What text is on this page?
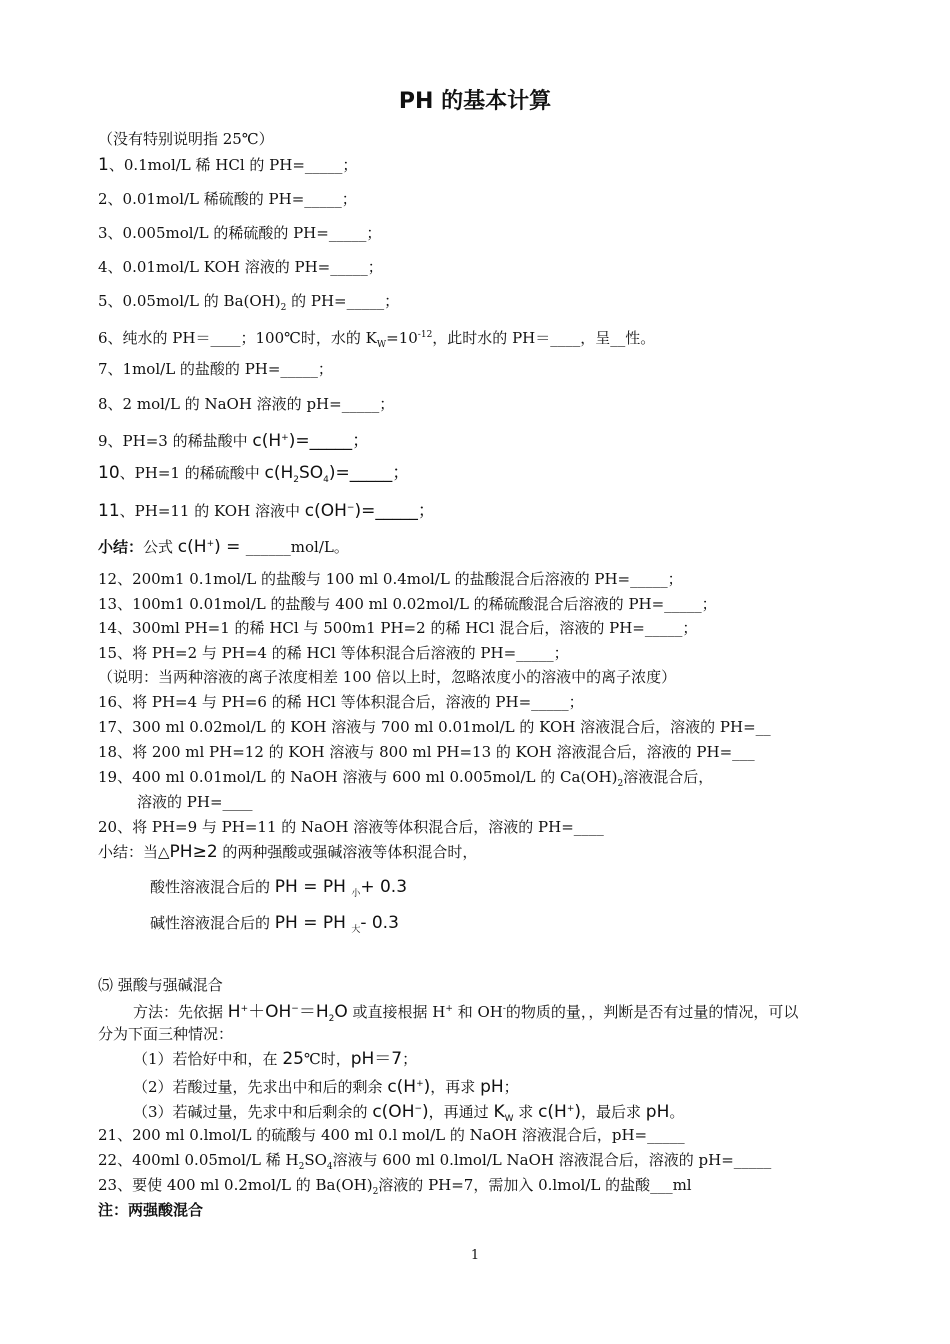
PH 的基本计算
（没有特别说明指 25℃）
1、0.1mol/L 稀 HCl 的 PH=_____；
2、0.01mol/L 稀硫酸的 PH=_____；
3、0.005mol/L 的稀硫酸的 PH=_____；
4、0.01mol/L KOH 溶液的 PH=_____；
5、0.05mol/L 的 $Ba(OH)_2$ 的 PH=_____；
6、纯水的 PH＝____；100℃时，水的 $K_W=10^{-12}$，此时水的 PH＝____，呈__性。
7、1mol/L 的盐酸的 PH=_____；
8、2 mol/L 的 NaOH 溶液的 pH=_____；
9、PH=3 的稀盐酸中 c(H+)=_____；
10、PH=1 的稀硫酸中 $c(H_2SO_4)=\_\_\_\_\_$；
11、PH=11 的 KOH 溶液中 c(OH−)=_____；
小结：公式 c(H+) = ______mol/L。
12、200m1 0.1mol/L 的盐酸与 100 ml 0.4mol/L 的盐酸混合后溶液的 PH=_____；
13、100m1 0.01mol/L 的盐酸与 400 ml 0.02mol/L 的稀硫酸混合后溶液的 PH=_____；
14、300ml PH=1 的稀 HCl 与 500m1 PH=2 的稀 HCl 混合后，溶液的 PH=_____；
15、将 PH=2 与 PH=4 的稀 HCl 等体积混合后溶液的 PH=_____；
（说明：当两种溶液的离子浓度相差 100 倍以上时，忽略浓度小的溶液中的离子浓度）
16、将 PH=4 与 PH=6 的稀 HCl 等体积混合后，溶液的 PH=_____；
17、300 ml 0.02mol/L 的 KOH 溶液与 700 ml 0.01mol/L 的 KOH 溶液混合后，溶液的 PH=__
18、将 200 ml PH=12 的 KOH 溶液与 800 ml PH=13 的 KOH 溶液混合后，溶液的 PH=___
19、400 ml 0.01mol/L 的 NaOH 溶液与 600 ml 0.005mol/L 的 $Ca(OH)_2$溶液混合后，
溶液的 PH=____
20、将 PH=9 与 PH=11 的 NaOH 溶液等体积混合后，溶液的 PH=____
小结：当△PH≥2 的两种强酸或强碱溶液等体积混合时，
酸性溶液混合后的 PH = PH $_小$+ 0.3
碱性溶液混合后的 PH = PH $_大$- 0.3
⑸ 强酸与强碱混合
方法：先依据 $H^++OH^-=H_2O$ 或直接根据 H+ 和 OH-的物质的量，，判断是否有过量的情况，可以
分为下面三种情况：
（1）若恰好中和，在 25℃时，pH＝7；
（2）若酸过量，先求出中和后的剩余 c(H+)，再求 pH；
（3）若碱过量，先求中和后剩余的 c(OH−)，再通过 $K_W$ 求 c(H+)，最后求 pH。
21、200 ml 0.lmol/L 的硫酸与 400 ml 0.l mol/L 的 NaOH 溶液混合后，pH=_____
22、400ml 0.05mol/L 稀 $H_2SO_4$溶液与 600 ml 0.lmol/L NaOH 溶液混合后，溶液的 pH=_____
23、要使 400 ml 0.2mol/L 的 $Ba(OH)_2$溶液的 PH=7，需加入 0.lmol/L 的盐酸___ml
注：两强酸混合
1
